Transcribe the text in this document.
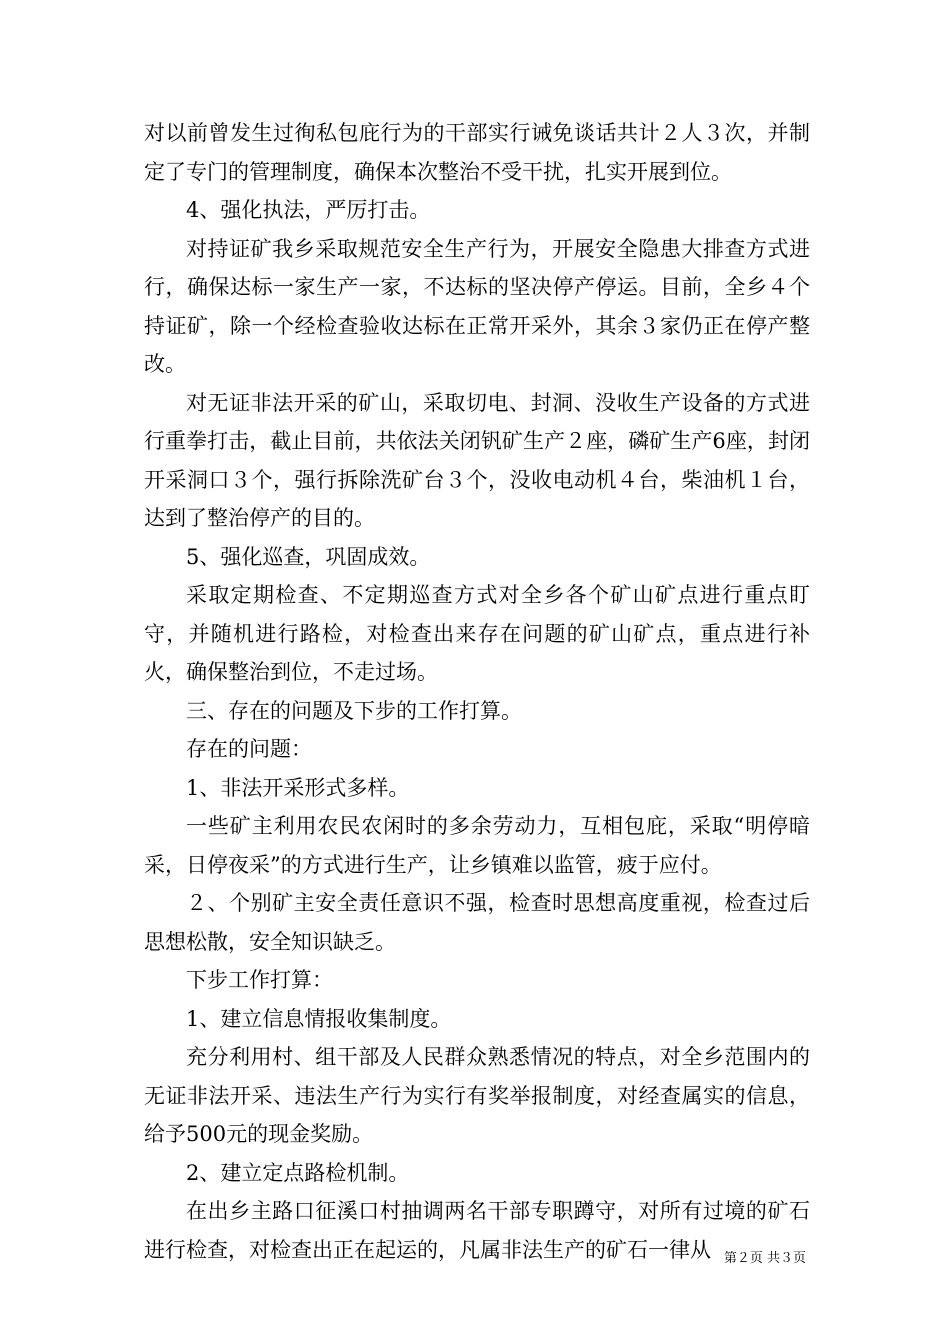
对以前曾发生过徇私包庇行为的干部实行诫免谈话共计２人３次，并制定了专门的管理制度，确保本次整治不受干扰，扎实开展到位。

4、强化执法，严厉打击。

对持证矿我乡采取规范安全生产行为，开展安全隐患大排查方式进行，确保达标一家生产一家，不达标的坚决停产停运。目前，全乡４个持证矿，除一个经检查验收达标在正常开采外，其余３家仍正在停产整改。

对无证非法开采的矿山，采取切电、封洞、没收生产设备的方式进行重拳打击，截止目前，共依法关闭钒矿生产２座，磷矿生产6座，封闭开采洞口３个，强行拆除洗矿台３个，没收电动机４台，柴油机１台，达到了整治停产的目的。

5、强化巡查，巩固成效。

采取定期检查、不定期巡查方式对全乡各个矿山矿点进行重点盯守，并随机进行路检，对检查出来存在问题的矿山矿点，重点进行补火，确保整治到位，不走过场。

三、存在的问题及下步的工作打算。

存在的问题：

1、非法开采形式多样。

一些矿主利用农民农闲时的多余劳动力，互相包庇，采取“明停暗采，日停夜采”的方式进行生产，让乡镇难以监管，疲于应付。

２、个别矿主安全责任意识不强，检查时思想高度重视，检查过后思想松散，安全知识缺乏。

下步工作打算：

1、建立信息情报收集制度。

充分利用村、组干部及人民群众熟悉情况的特点，对全乡范围内的无证非法开采、违法生产行为实行有奖举报制度，对经查属实的信息，给予500元的现金奖励。

2、建立定点路检机制。

在出乡主路口征溪口村抽调两名干部专职蹲守，对所有过境的矿石进行检查，对检查出正在起运的，凡属非法生产的矿石一律从 第２页 共３页
